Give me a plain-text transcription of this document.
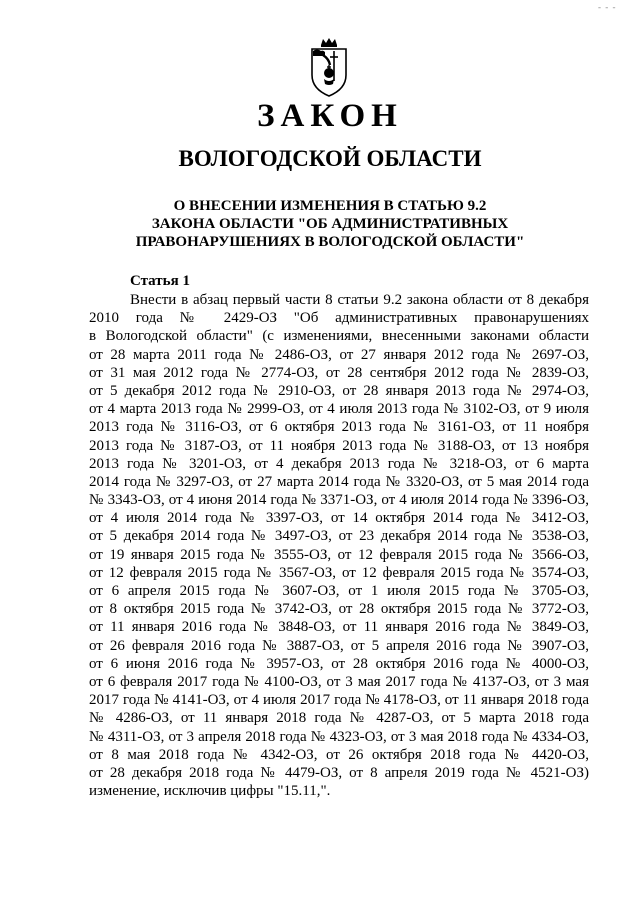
- - -
ЗАКОН
ВОЛОГОДСКОЙ ОБЛАСТИ
О ВНЕСЕНИИ ИЗМЕНЕНИЯ В СТАТЬЮ 9.2
ЗАКОНА ОБЛАСТИ "ОБ АДМИНИСТРАТИВНЫХ
ПРАВОНАРУШЕНИЯХ В ВОЛОГОДСКОЙ ОБЛАСТИ"
Статья 1
Внести в абзац первый части 8 статьи 9.2 закона области от 8 декабря
2010 года № 2429-ОЗ "Об административных правонарушениях
в Вологодской области" (с изменениями, внесенными законами области
от 28 марта 2011 года № 2486-ОЗ, от 27 января 2012 года № 2697-ОЗ,
от 31 мая 2012 года № 2774-ОЗ, от 28 сентября 2012 года № 2839-ОЗ,
от 5 декабря 2012 года № 2910-ОЗ, от 28 января 2013 года № 2974-ОЗ,
от 4 марта 2013 года № 2999-ОЗ, от 4 июля 2013 года № 3102-ОЗ, от 9 июля
2013 года № 3116-ОЗ, от 6 октября 2013 года № 3161-ОЗ, от 11 ноября
2013 года № 3187-ОЗ, от 11 ноября 2013 года № 3188-ОЗ, от 13 ноября
2013 года № 3201-ОЗ, от 4 декабря 2013 года № 3218-ОЗ, от 6 марта
2014 года № 3297-ОЗ, от 27 марта 2014 года № 3320-ОЗ, от 5 мая 2014 года
№ 3343-ОЗ, от 4 июня 2014 года № 3371-ОЗ, от 4 июля 2014 года № 3396-ОЗ,
от 4 июля 2014 года № 3397-ОЗ, от 14 октября 2014 года № 3412-ОЗ,
от 5 декабря 2014 года № 3497-ОЗ, от 23 декабря 2014 года № 3538-ОЗ,
от 19 января 2015 года № 3555-ОЗ, от 12 февраля 2015 года № 3566-ОЗ,
от 12 февраля 2015 года № 3567-ОЗ, от 12 февраля 2015 года № 3574-ОЗ,
от 6 апреля 2015 года № 3607-ОЗ, от 1 июля 2015 года № 3705-ОЗ,
от 8 октября 2015 года № 3742-ОЗ, от 28 октября 2015 года № 3772-ОЗ,
от 11 января 2016 года № 3848-ОЗ, от 11 января 2016 года № 3849-ОЗ,
от 26 февраля 2016 года № 3887-ОЗ, от 5 апреля 2016 года № 3907-ОЗ,
от 6 июня 2016 года № 3957-ОЗ, от 28 октября 2016 года № 4000-ОЗ,
от 6 февраля 2017 года № 4100-ОЗ, от 3 мая 2017 года № 4137-ОЗ, от 3 мая
2017 года № 4141-ОЗ, от 4 июля 2017 года № 4178-ОЗ, от 11 января 2018 года
№ 4286-ОЗ, от 11 января 2018 года № 4287-ОЗ, от 5 марта 2018 года
№ 4311-ОЗ, от 3 апреля 2018 года № 4323-ОЗ, от 3 мая 2018 года № 4334-ОЗ,
от 8 мая 2018 года № 4342-ОЗ, от 26 октября 2018 года № 4420-ОЗ,
от 28 декабря 2018 года № 4479-ОЗ, от 8 апреля 2019 года № 4521-ОЗ)
изменение, исключив цифры "15.11,".
